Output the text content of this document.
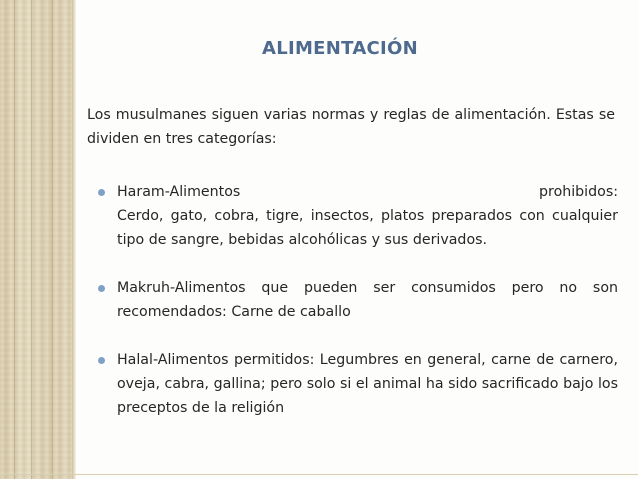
ALIMENTACIÓN
Los musulmanes siguen varias normas y reglas de alimentación. Estas se dividen en tres categorías:
Haram-Alimentos prohibidos:
Cerdo, gato, cobra, tigre, insectos, platos preparados con cualquier tipo de sangre, bebidas alcohólicas y sus derivados.
Makruh-Alimentos que pueden ser consumidos pero no son recomendados: Carne de caballo
Halal-Alimentos permitidos: Legumbres en general, carne de carnero, oveja, cabra, gallina; pero solo si el animal ha sido sacrificado bajo los preceptos de la religión
